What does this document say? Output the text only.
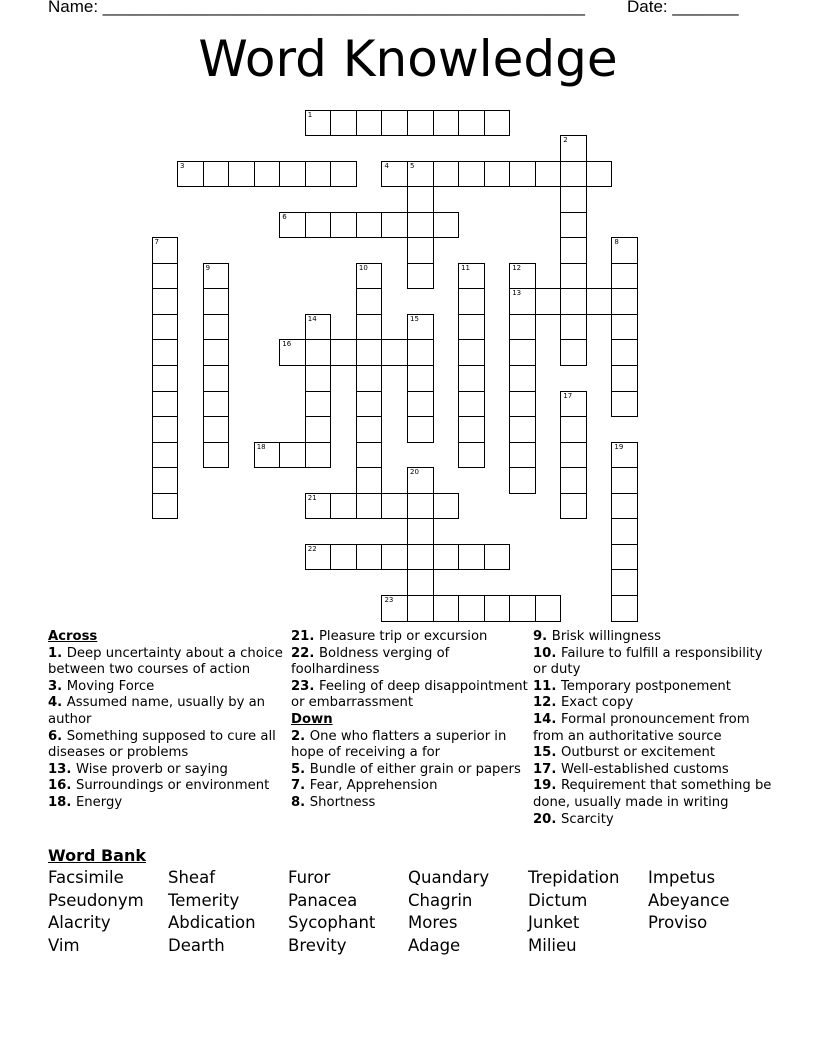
Name: ___________________________________________________ Date: _______
Word Knowledge
1
2
3	4	5
6
7	8
9	10	11	12
13
14	15
16
17
18	19
20
21
22
23
Across
1. Deep uncertainty about a choice between two courses of action
3. Moving Force
4. Assumed name, usually by an author
6. Something supposed to cure all diseases or problems
13. Wise proverb or saying
16. Surroundings or environment
18. Energy
21. Pleasure trip or excursion
22. Boldness verging of foolhardiness
23. Feeling of deep disappointment or embarrassment
Down
2. One who flatters a superior in hope of receiving a for
5. Bundle of either grain or papers
7. Fear, Apprehension
8. Shortness
9. Brisk willingness
10. Failure to fulfill a responsibility or duty
11. Temporary postponement
12. Exact copy
14. Formal pronouncement from from an authoritative source
15. Outburst or excitement
17. Well-established customs
19. Requirement that something be done, usually made in writing
20. Scarcity
Word Bank
Facsimile	Sheaf	Furor	Quandary Trepidation Impetus
Pseudonym Temerity	Panacea	Chagrin	Dictum	Abeyance
Alacrity	Abdication Sycophant Mores	Junket	Proviso
Vim	Dearth	Brevity	Adage	Milieu
